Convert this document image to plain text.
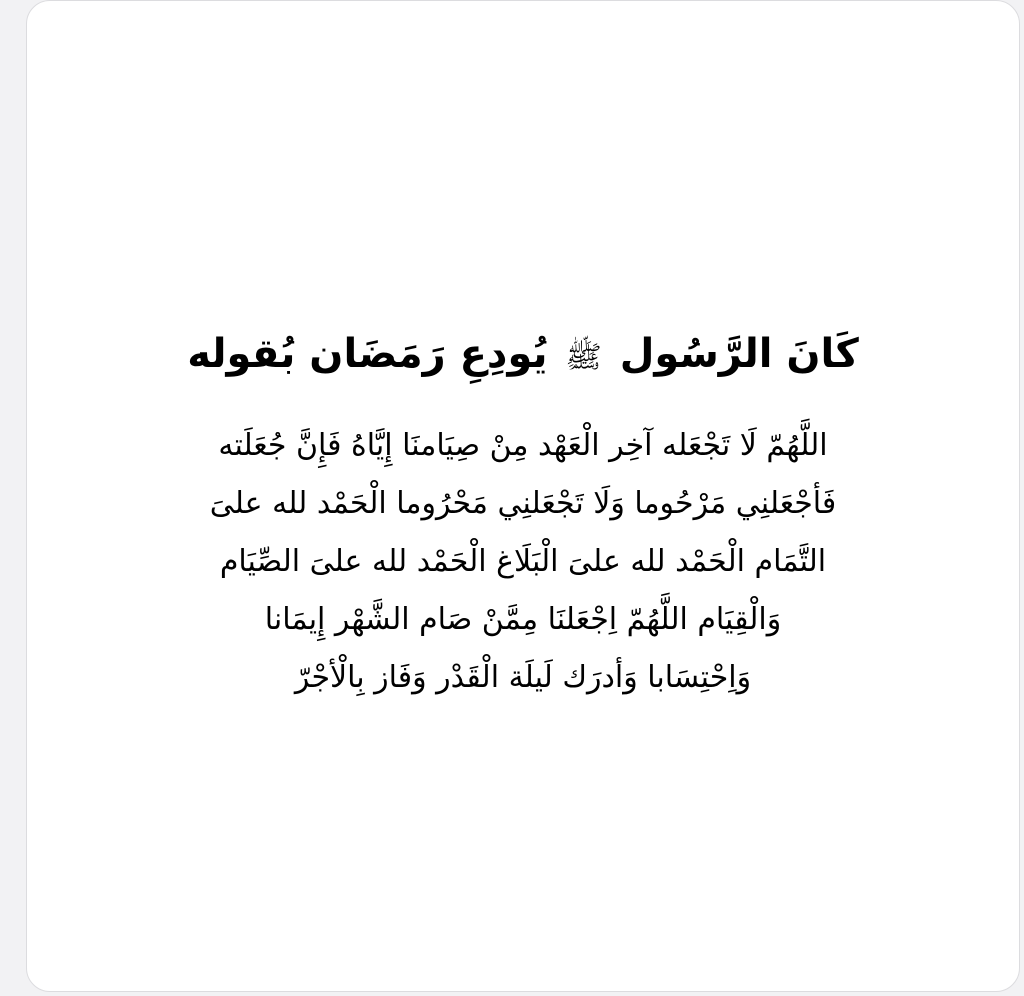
كَانَ الرَّسُول ﷺ يُودِعِ رَمَضَان بُقوله
اللَّهُمّ لَا تَجْعَله آخِر الْعَهْد مِنْ صِيَامنَا إِيَّاهُ فَإِنَّ جُعَلَته
فَأجْعَلنِي مَرْحُوما وَلَا تَجْعَلنِي مَحْرُوما الْحَمْد لله علىَ
التَّمَام الْحَمْد لله علىَ الْبَلَاغ الْحَمْد لله علىَ الصِّيَام
وَالْقِيَام اللَّهُمّ اِجْعَلنَا مِمَّنْ صَام الشَّهْر إِيمَانا
وَاِحْتِسَابا وَأدرَك لَيلَة الْقَدْر وَفَاز بِالْأجْرّ
